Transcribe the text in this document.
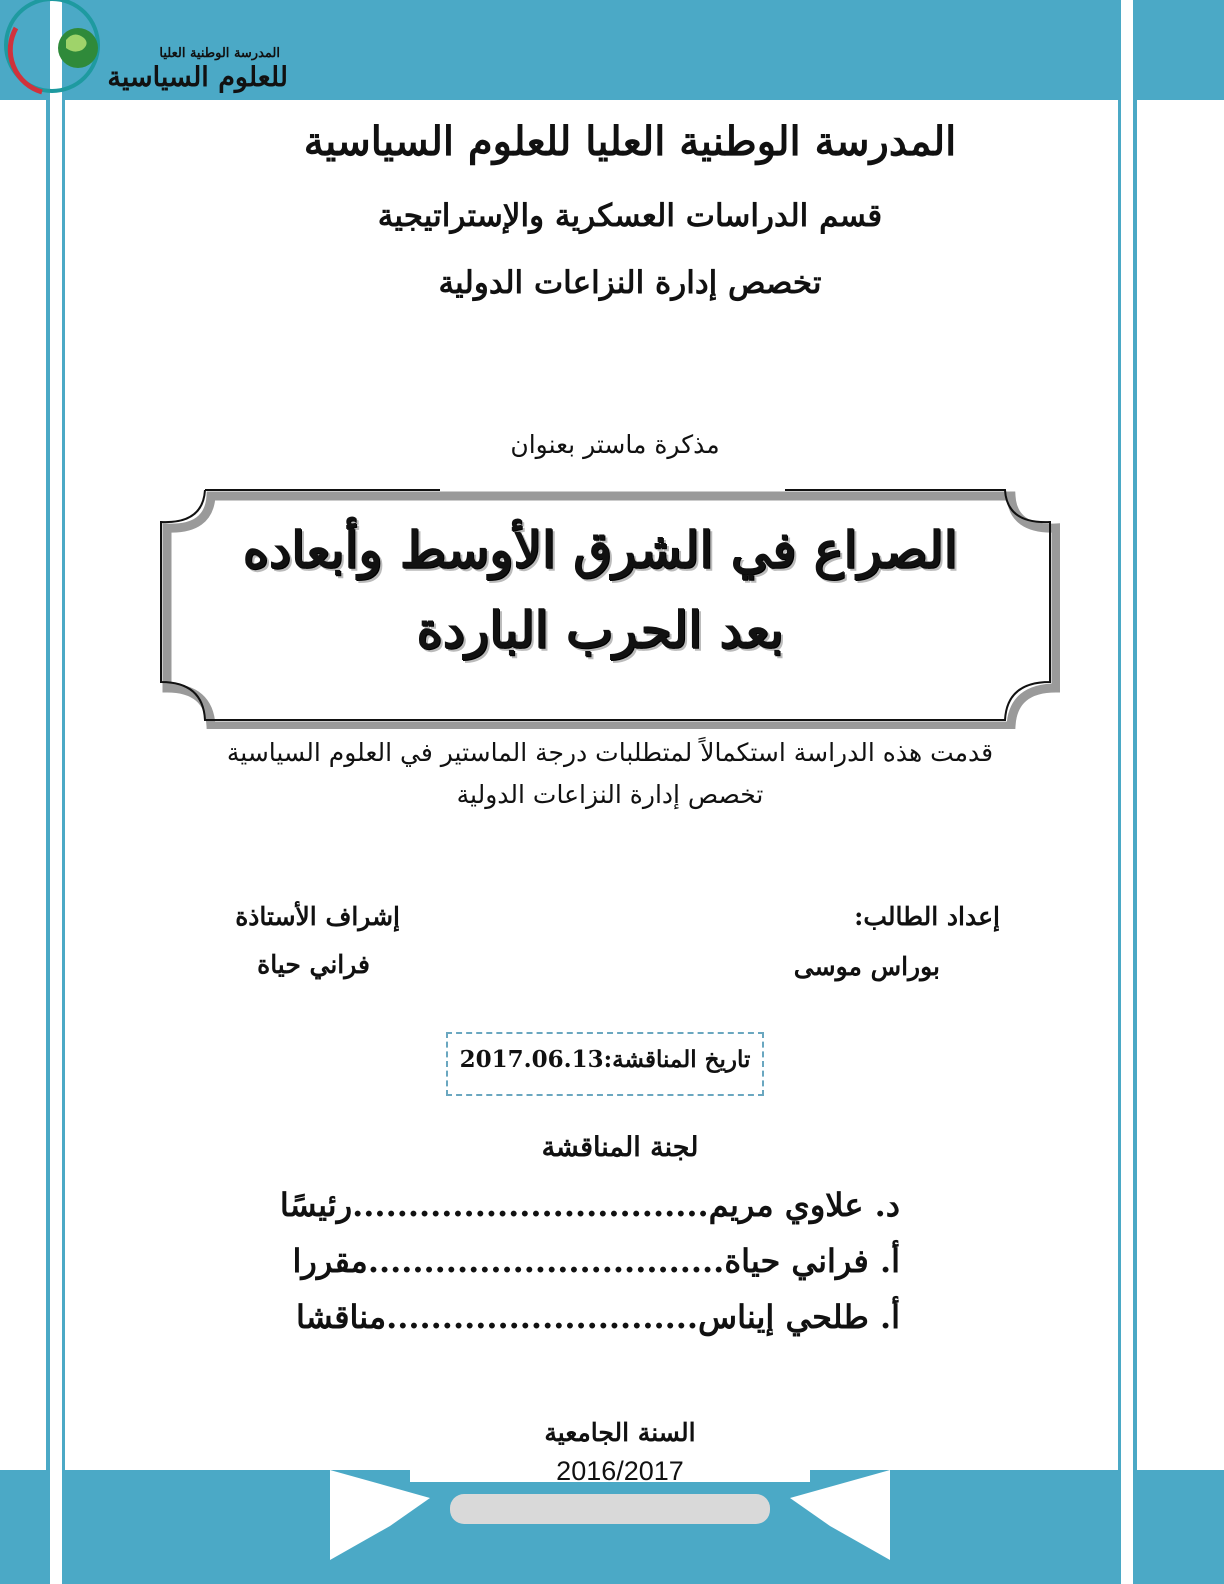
المدرسة الوطنية العليا
للعلوم السياسية
المدرسة الوطنية العليا للعلوم السياسية
قسم الدراسات العسكرية والإستراتيجية
تخصص إدارة النزاعات الدولية
مذكرة ماستر بعنوان
الصراع في الشرق الأوسط وأبعاده
بعد الحرب الباردة
قدمت هذه الدراسة استكمالاً لمتطلبات درجة الماستير في العلوم السياسية
تخصص إدارة النزاعات الدولية
إعداد الطالب:
بوراس موسى
إشراف الأستاذة
فراني حياة
تاريخ المناقشة:2017.06.13
لجنة المناقشة
د. علاوي مريم................................رئيسًا
أ. فراني حياة................................مقررا
أ. طلحي إيناس............................مناقشا
السنة الجامعية
2016/2017
